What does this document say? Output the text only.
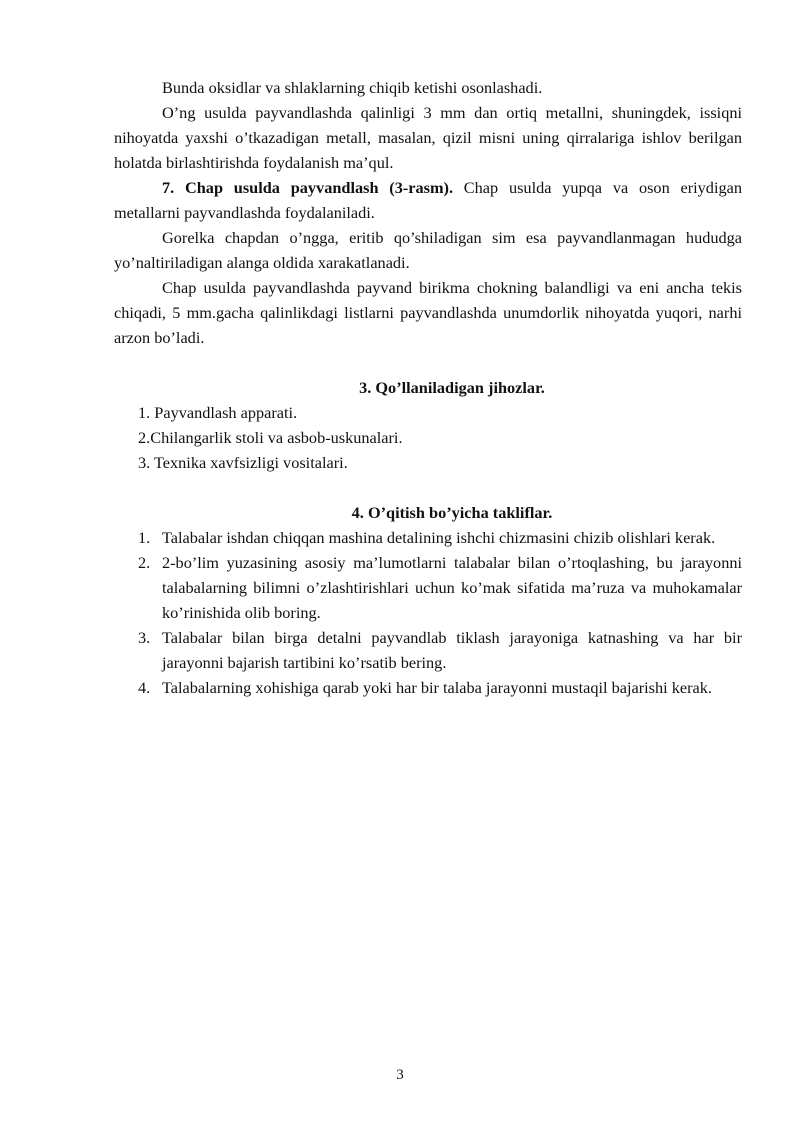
Bunda oksidlar va shlaklarning chiqib ketishi osonlashadi.

O’ng usulda payvandlashda qalinligi 3 mm dan ortiq metallni, shuningdek, issiqni nihoyatda yaxshi o’tkazadigan metall, masalan, qizil misni uning qirralariga ishlov berilgan holatda birlashtirishda foydalanish ma’qul.

7. Chap usulda payvandlash (3-rasm). Chap usulda yupqa va oson eriydigan metallarni payvandlashda foydalaniladi.

Gorelka chapdan o’ngga, eritib qo’shiladigan sim esa payvandlanmagan hududga yo’naltiriladigan alanga oldida xarakatlanadi.

Chap usulda payvandlashda payvand birikma chokning balandligi va eni ancha tekis chiqadi, 5 mm.gacha qalinlikdagi listlarni payvandlashda unumdorlik nihoyatda yuqori, narhi arzon bo’ladi.

3. Qo’llaniladigan jihozlar.
1. Payvandlash apparati.
2.Chilangarlik stoli va asbob-uskunalari.
3. Texnika xavfsizligi vositalari.
4. O’qitish bo’yicha takliflar.
1. Talabalar ishdan chiqqan mashina detalining ishchi chizmasini chizib olishlari kerak.
2. 2-bo’lim yuzasining asosiy ma’lumotlarni talabalar bilan o’rtoqlashing, bu jarayonni talabalarning bilimni o’zlashtirishlari uchun ko’mak sifatida ma’ruza va muhokamalar ko’rinishida olib boring.
3. Talabalar bilan birga detalni payvandlab tiklash jarayoniga katnashing va har bir jarayonni bajarish tartibini ko’rsatib bering.
4. Talabalarning xohishiga qarab yoki har bir talaba jarayonni mustaqil bajarishi kerak.
3
